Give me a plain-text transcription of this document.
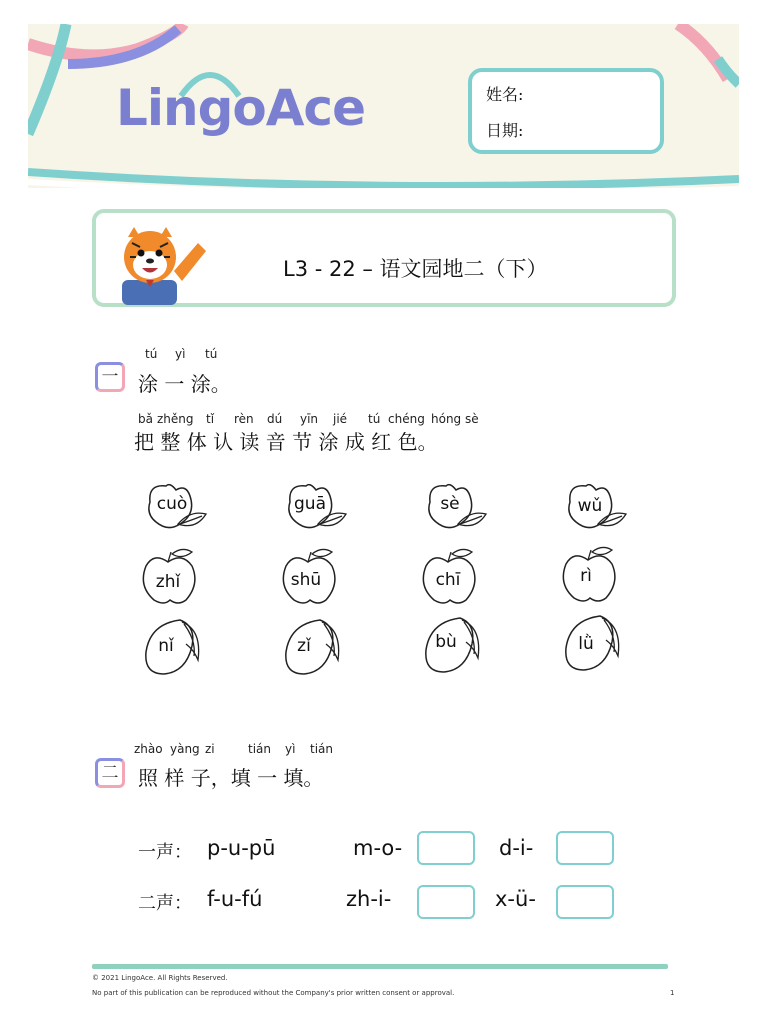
LingoAce	姓名:
日期:
L3 - 22 – 语文园地二（下）
一
tú yì tú
涂 一 涂。
bǎ zhěng tǐ rèn dú yīn jié tú chéng hóng sè
把 整 体 认 读 音 节 涂 成 红 色。
cuò	guā	sè	wǔ
zhǐ	shū	chī	rì
nǐ	zǐ	bù	lǜ
二
zhào yàng zi	tián yì tián
照 样 子，填 一 填。
一声： p-u-pū	m-o-	d-i-
二声： f-u-fú	zh-i-	x-ü-
© 2021 LingoAce. All Rights Reserved.
No part of this publication can be reproduced without the Company's prior written consent or approval.	1
